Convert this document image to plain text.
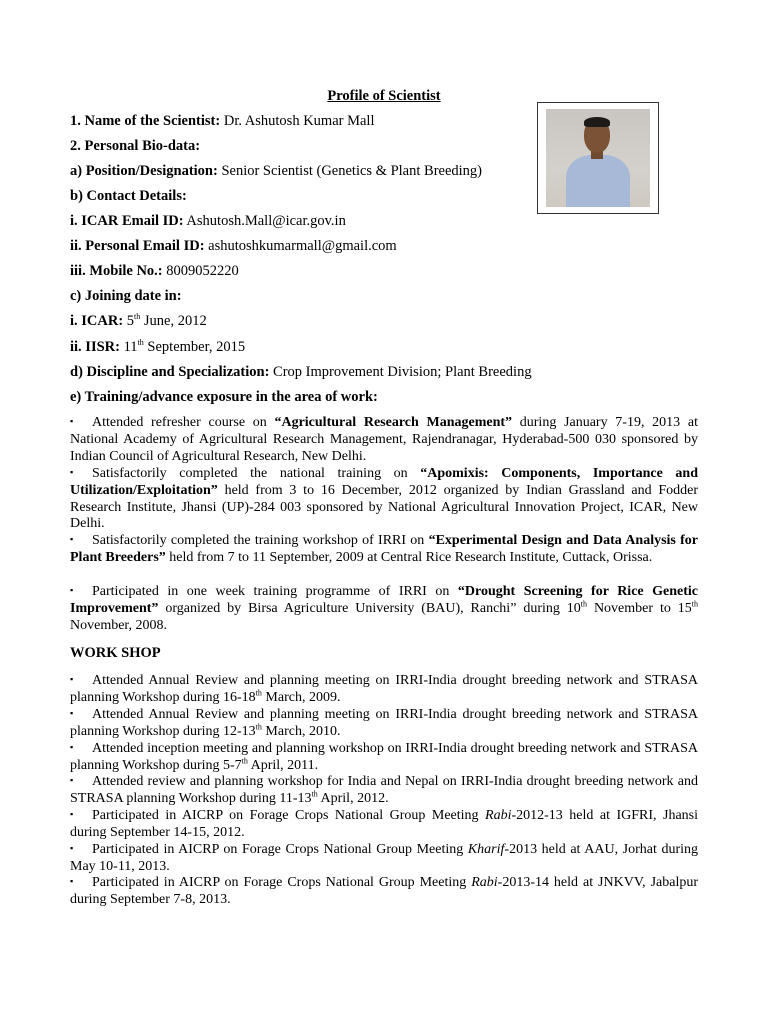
Profile of Scientist
1. Name of the Scientist: Dr. Ashutosh Kumar Mall
2. Personal Bio-data:
a) Position/Designation: Senior Scientist (Genetics & Plant Breeding)
b) Contact Details:
i. ICAR Email ID: Ashutosh.Mall@icar.gov.in
ii. Personal Email ID: ashutoshkumarmall@gmail.com
iii. Mobile No.: 8009052220
c) Joining date in:
i. ICAR: 5th June, 2012
ii. IISR: 11th September, 2015
d) Discipline and Specialization: Crop Improvement Division; Plant Breeding
e) Training/advance exposure in the area of work:
▪ Attended refresher course on “Agricultural Research Management” during January 7-19, 2013 at National Academy of Agricultural Research Management, Rajendranagar, Hyderabad-500 030 sponsored by Indian Council of Agricultural Research, New Delhi.
▪ Satisfactorily completed the national training on “Apomixis: Components, Importance and Utilization/Exploitation” held from 3 to 16 December, 2012 organized by Indian Grassland and Fodder Research Institute, Jhansi (UP)-284 003 sponsored by National Agricultural Innovation Project, ICAR, New Delhi.
▪ Satisfactorily completed the training workshop of IRRI on “Experimental Design and Data Analysis for Plant Breeders” held from 7 to 11 September, 2009 at Central Rice Research Institute, Cuttack, Orissa.
▪ Participated in one week training programme of IRRI on “Drought Screening for Rice Genetic Improvement” organized by Birsa Agriculture University (BAU), Ranchi” during 10th November to 15th November, 2008.
WORK SHOP
▪ Attended Annual Review and planning meeting on IRRI-India drought breeding network and STRASA planning Workshop during 16-18th March, 2009.
▪ Attended Annual Review and planning meeting on IRRI-India drought breeding network and STRASA planning Workshop during 12-13th March, 2010.
▪ Attended inception meeting and planning workshop on IRRI-India drought breeding network and STRASA planning Workshop during 5-7th April, 2011.
▪ Attended review and planning workshop for India and Nepal on IRRI-India drought breeding network and STRASA planning Workshop during 11-13th April, 2012.
▪ Participated in AICRP on Forage Crops National Group Meeting Rabi-2012-13 held at IGFRI, Jhansi during September 14-15, 2012.
▪ Participated in AICRP on Forage Crops National Group Meeting Kharif-2013 held at AAU, Jorhat during May 10-11, 2013.
▪ Participated in AICRP on Forage Crops National Group Meeting Rabi-2013-14 held at JNKVV, Jabalpur during September 7-8, 2013.
